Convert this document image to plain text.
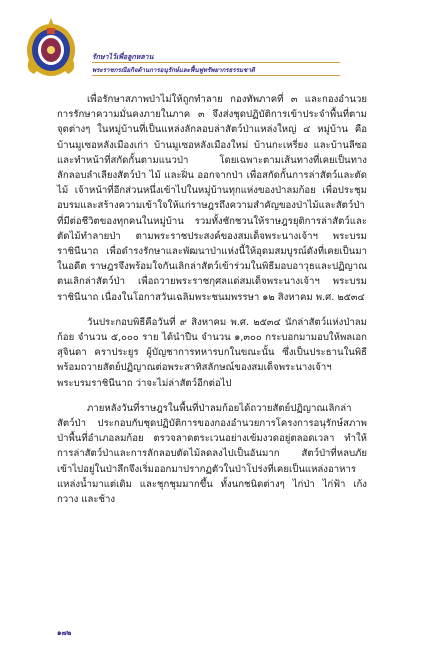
รักษาไว้เพื่อลูกหลาน
พระราชกรณียกิจด้านการอนุรักษ์และฟื้นฟูทรัพยากรธรรมชาติ

เพื่อรักษาสภาพป่าไม่ให้ถูกทำลาย กองทัพภาคที่ ๓ และกองอำนวยการรักษาความมั่นคงภายในภาค ๓ จึงส่งชุดปฏิบัติการเข้าประจำพื้นที่ตามจุดต่างๆ ในหมู่บ้านที่เป็นแหล่งลักลอบล่าสัตว์ป่าแหล่งใหญ่ ๔ หมู่บ้าน คือ บ้านมูเซอหลังเมืองเก่า บ้านมูเซอหลังเมืองใหม่ บ้านกะเหรี่ยง และบ้านลีซอ และทำหน้าที่สกัดกั้นตามแนวป่า โดยเฉพาะตามเส้นทางที่เคยเป็นทางลักลอบลำเลียงสัตว์ป่า ไม้ และฝิ่น ออกจากป่า เพื่อสกัดกั้นการล่าสัตว์และตัดไม้ เจ้าหน้าที่อีกส่วนหนึ่งเข้าไปในหมู่บ้านทุกแห่งของป่าลมก้อย เพื่อประชุมอบรมและสร้างความเข้าใจให้แก่ราษฎรถึงความสำคัญของป่าไม้และสัตว์ป่าที่มีต่อชีวิตของทุกคนในหมู่บ้าน รวมทั้งชักชวนให้ราษฎรยุติการล่าสัตว์และตัดไม้ทำลายป่า ตามพระราชประสงค์ของสมเด็จพระนางเจ้าฯ พระบรมราชินีนาถ เพื่อดำรงรักษาและพัฒนาป่าแห่งนี้ให้อุดมสมบูรณ์ดังที่เคยเป็นมาในอดีต ราษฎรจึงพร้อมใจกันเลิกล่าสัตว์เข้าร่วมในพิธีมอบอาวุธและปฏิญาณตนเลิกล่าสัตว์ป่า เพื่อถวายพระราชกุศลแด่สมเด็จพระนางเจ้าฯ พระบรมราชินีนาถ เนื่องในโอกาสวันเฉลิมพระชนมพรรษา ๑๒ สิงหาคม พ.ศ. ๒๕๓๔

วันประกอบพิธีคือวันที่ ๙ สิงหาคม พ.ศ. ๒๕๓๔ นักล่าสัตว์แห่งป่าลมก้อย จำนวน ๕,๐๐๐ ราย ได้นำปืน จำนวน ๑,๓๐๐ กระบอกมามอบให้พลเอก สุจินดา คราประยูร ผู้บัญชาการทหารบกในขณะนั้น ซึ่งเป็นประธานในพิธี พร้อมถวายสัตย์ปฏิญาณต่อพระสาทิสลักษณ์ของสมเด็จพระนางเจ้าฯ พระบรมราชินีนาถ ว่าจะไม่ล่าสัตว์อีกต่อไป

ภายหลังวันที่ราษฎรในพื้นที่ป่าลมก้อยได้ถวายสัตย์ปฏิญาณเลิกล่าสัตว์ป่า ประกอบกับชุดปฏิบัติการของกองอำนวยการโครงการอนุรักษ์สภาพป่าพื้นที่อำเภอลมก้อย ตรวจลาดตระเวนอย่างเข้มงวดอยู่ตลอดเวลา ทำให้การล่าสัตว์ป่าและการลักลอบตัดไม้ลดลงไปเป็นอันมาก สัตว์ป่าที่หลบภัยเข้าไปอยู่ในป่าลึกจึงเริ่มออกมาปรากฏตัวในป่าโปร่งที่เคยเป็นแหล่งอาหาร แหล่งน้ำมาแต่เดิม และชุกชุมมากขึ้น ทั้งนกชนิดต่างๆ ไก่ป่า ไก่ฟ้า เก้ง กวาง และช้าง

๑๗๒
